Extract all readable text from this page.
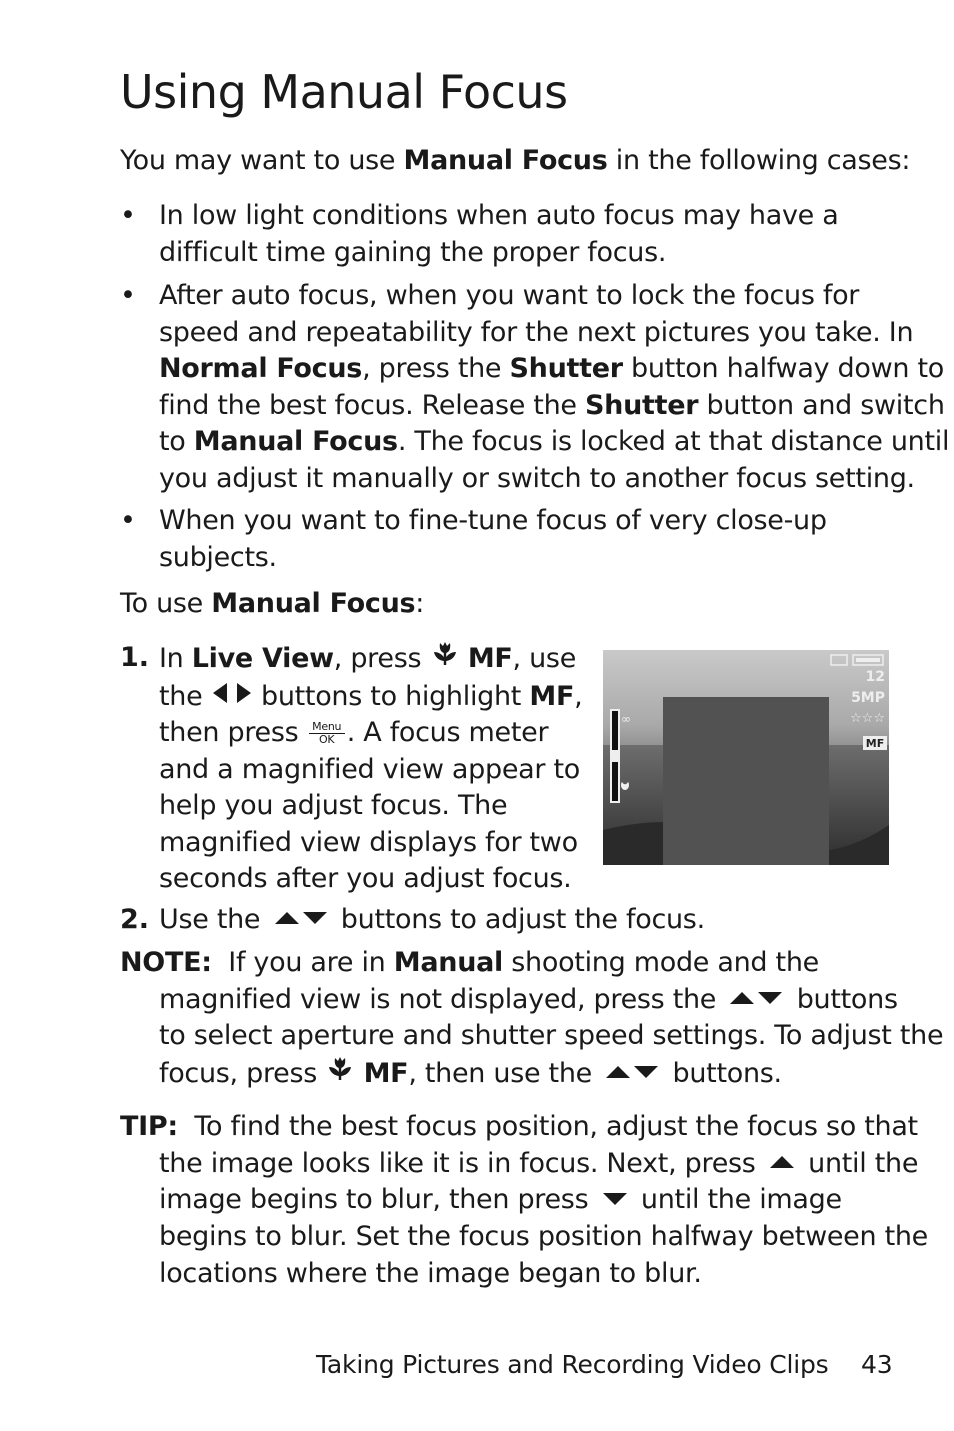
Using Manual Focus
You may want to use Manual Focus in the following cases:
• In low light conditions when auto focus may have a
difficult time gaining the proper focus.
• After auto focus, when you want to lock the focus for
speed and repeatability for the next pictures you take. In
Normal Focus, press the Shutter button halfway down to
find the best focus. Release the Shutter button and switch
to Manual Focus. The focus is locked at that distance until
you adjust it manually or switch to another focus setting.
• When you want to fine-tune focus of very close-up
subjects.
To use Manual Focus:
1. In Live View, press  MF, use
the  buttons to highlight MF,
then press Menu
OK . A focus meter
and a magnified view appear to
help you adjust focus. The
magnified view displays for two
seconds after you adjust focus.
∞
12
5MP
☆☆☆
MF
2. Use the  buttons to adjust the focus.
NOTE:  If you are in Manual shooting mode and the
magnified view is not displayed, press the  buttons
to select aperture and shutter speed settings. To adjust the
focus, press  MF, then use the  buttons.
TIP:  To find the best focus position, adjust the focus so that
the image looks like it is in focus. Next, press  until the
image begins to blur, then press  until the image
begins to blur. Set the focus position halfway between the
locations where the image began to blur.
Taking Pictures and Recording Video Clips 43
